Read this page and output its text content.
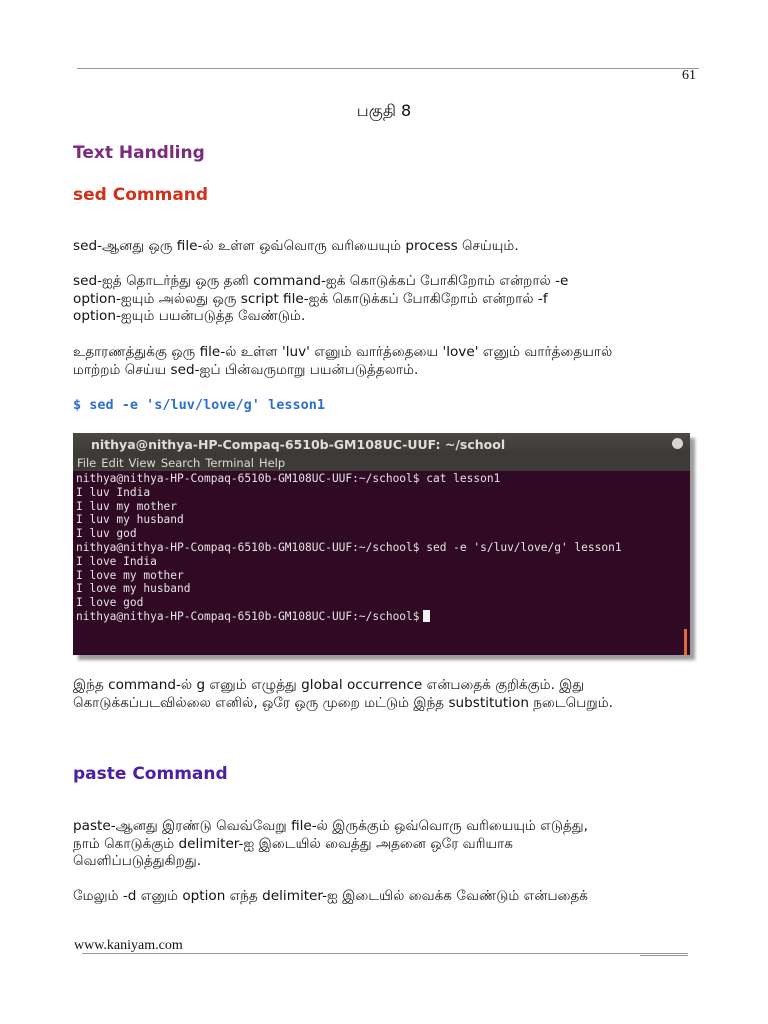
61
பகுதி 8
Text Handling
sed Command
sed-ஆனது ஒரு file-ல் உள்ள ஒவ்வொரு வரியையும் process செய்யும்.
sed-ஐத் தொடர்ந்து ஒரு தனி command-ஐக் கொடுக்கப் போகிறோம் என்றால் -e
option-ஐயும் அல்லது ஒரு script file-ஐக் கொடுக்கப் போகிறோம் என்றால் -f
option-ஐயும் பயன்படுத்த வேண்டும்.
உதாரணத்துக்கு ஒரு file-ல் உள்ள 'luv' எனும் வார்த்தையை 'love' எனும் வார்த்தையால்
மாற்றம் செய்ய sed-ஐப் பின்வருமாறு பயன்படுத்தலாம்.
$ sed -e 's/luv/love/g' lesson1
nithya@nithya-HP-Compaq-6510b-GM108UC-UUF: ~/school
File Edit View Search Terminal Help
nithya@nithya-HP-Compaq-6510b-GM108UC-UUF:~/school$ cat lesson1
I luv India
I luv my mother
I luv my husband
I luv god
nithya@nithya-HP-Compaq-6510b-GM108UC-UUF:~/school$ sed -e 's/luv/love/g' lesson1
I love India
I love my mother
I love my husband
I love god
nithya@nithya-HP-Compaq-6510b-GM108UC-UUF:~/school$
இந்த command-ல் g எனும் எழுத்து global occurrence என்பதைக் குறிக்கும். இது
கொடுக்கப்படவில்லை எனில், ஒரே ஒரு முறை மட்டும் இந்த substitution நடைபெறும்.
paste Command
paste-ஆனது இரண்டு வெவ்வேறு file-ல் இருக்கும் ஒவ்வொரு வரியையும் எடுத்து,
நாம் கொடுக்கும் delimiter-ஐ இடையில் வைத்து அதனை ஒரே வரியாக
வெளிப்படுத்துகிறது.
மேலும் -d எனும் option எந்த delimiter-ஐ இடையில் வைக்க வேண்டும் என்பதைக்
www.kaniyam.com
